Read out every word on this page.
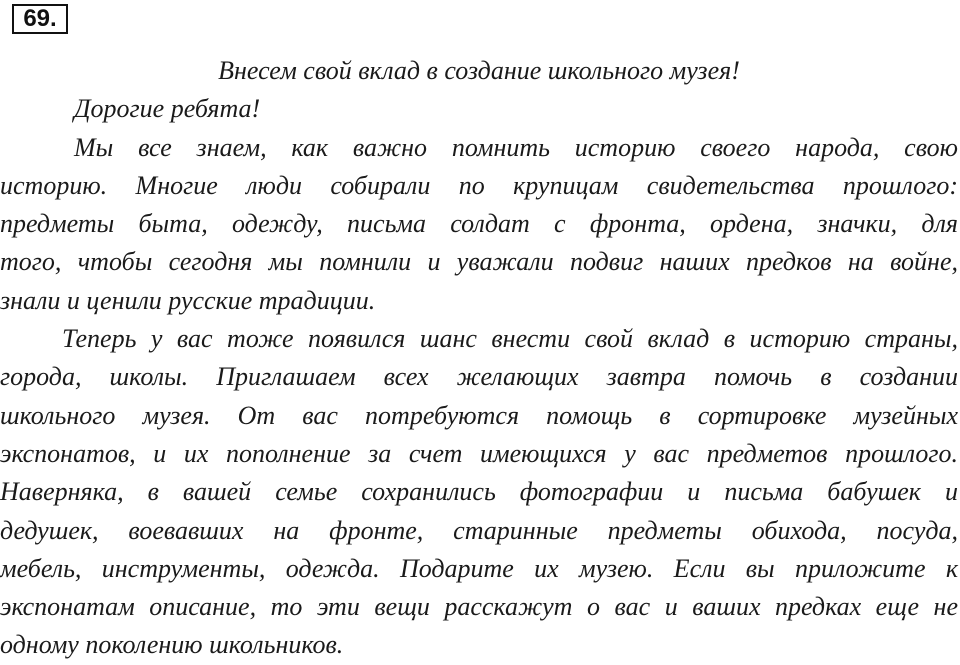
69.
Внесем свой вклад в создание школьного музея!
Дорогие ребята!
Мы все знаем, как важно помнить историю своего народа, свою
историю. Многие люди собирали по крупицам свидетельства прошлого:
предметы быта, одежду, письма солдат с фронта, ордена, значки, для
того, чтобы сегодня мы помнили и уважали подвиг наших предков на войне,
знали и ценили русские традиции.
Теперь у вас тоже появился шанс внести свой вклад в историю страны,
города, школы. Приглашаем всех желающих завтра помочь в создании
школьного музея. От вас потребуются помощь в сортировке музейных
экспонатов, и их пополнение за счет имеющихся у вас предметов прошлого.
Наверняка, в вашей семье сохранились фотографии и письма бабушек и
дедушек, воевавших на фронте, старинные предметы обихода, посуда,
мебель, инструменты, одежда. Подарите их музею. Если вы приложите к
экспонатам описание, то эти вещи расскажут о вас и ваших предках еще не
одному поколению школьников.
